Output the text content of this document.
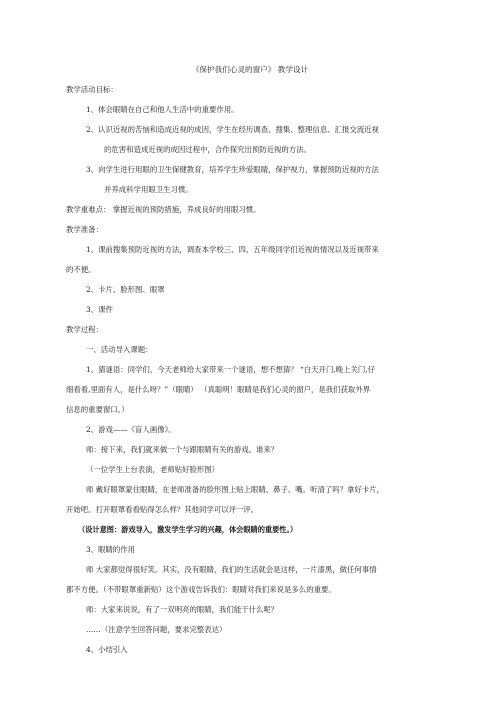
《保护我们心灵的窗户》 教学设计
教学活动目标：
1、体会眼睛在自己和他人生活中的重要作用。
2、认识近视的苦恼和造成近视的成因，学生在经历调查、搜集、整理信息、汇报交流近视
的危害和造成近视的成因过程中，合作探究出预防近视的方法。
3、向学生进行用眼的卫生保健教育，培养学生珍爱眼睛，保护视力，掌握预防近视的方法
并养成科学用眼卫生习惯。
教学重难点： 掌握近视的预防措施，养成良好的用眼习惯。
教学准备：
1、课前搜集预防近视的方法，调查本学校三、四、五年级同学们近视的情况以及近视带来
的不便。
2、卡片、脸形图、眼罩
3、课件
教学过程：
一、活动导入课题：
1、猜谜语：同学们，今天老师给大家带来一个谜语，想不想猜？ “白天开门,晚上关门,仔
细看看,里面有人，是什么呀？”（眼睛） （真聪明！眼睛是我们心灵的窗户，是我们获取外界
信息的重要窗口。）
2、游戏——《盲人画像》。
师：接下来，我们就来做一个与跟眼睛有关的游戏。谁来？
（一位学生上台表演，老师贴好脸形图）
师 戴好眼罩蒙住眼睛，在老师准备的脸形图上贴上眼睛、鼻子、嘴。听清了吗？拿好卡片，
开始吧。打开眼罩看看贴得怎么样？其他同学可以评一评。
（设计意图：游戏导入，激发学生学习的兴趣，体会眼睛的重要性。）
3、眼睛的作用
师 大家都觉得很好笑。其实，没有眼睛，我们的生活就会是这样，一片漆黑，做任何事情
都不方便。（不带眼罩重新贴）这个游戏告诉我们：眼睛对我们来说是多么的重要。
师：大家来说说，有了一双明亮的眼睛，我们能干什么呢？
……（注意学生回答问题，要求完整表达）
4、小结引入
